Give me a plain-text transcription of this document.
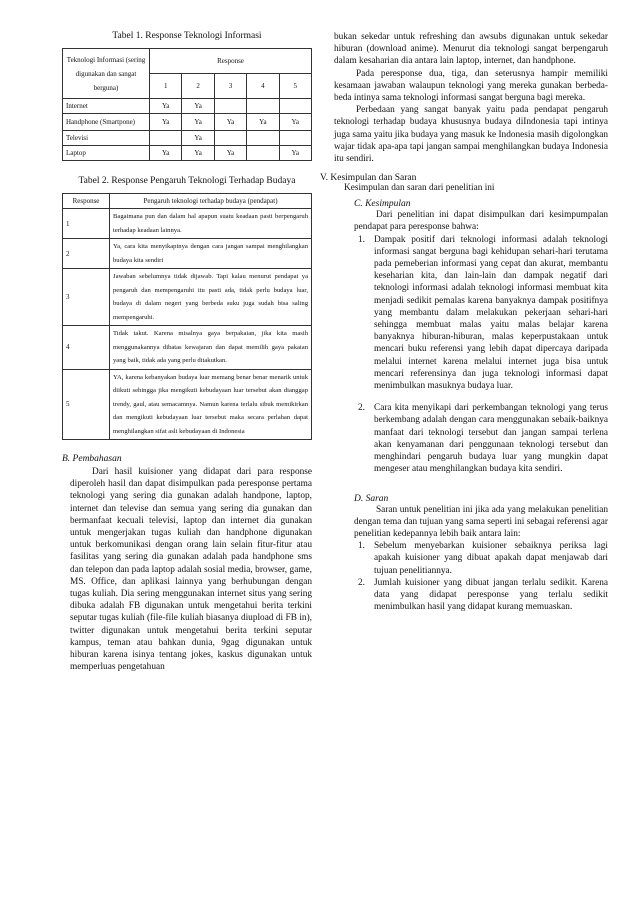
Tabel 1. Response Teknologi Informasi
Teknologi Informasi (sering digunakan dan sangat berguna)	Response				
	1	2	3	4	5
Internet	Ya	Ya			
Handphone (Smartpone)	Ya	Ya	Ya	Ya	Ya
Televisi		Ya			
Laptop	Ya	Ya	Ya		Ya
Tabel 2. Response Pengaruh Teknologi Terhadap Budaya
Response	Pengaruh teknologi terhadap budaya (pendapat)
1	Bagaimana pun dan dalam hal apapun suatu keadaan pasti berpengaruh terhadap keadaan lainnya.
2	Ya, cara kita menyikapinya dengan cara jangan sampai menghilangkan budaya kita sendiri
3	Jawaban sebelumnya tidak dijawab. Tapi kalau menurut pendapat ya pengaruh dan mempengaruhi itu pasti ada, tidak perlu budaya luar, budaya di dalam negeri yang berbeda suku juga sudah bisa saling mempengaruhi.
4	Tidak takut. Karena misalnya gaya berpakaian, jika kita masih menggunakannya dibatas kewajaran dan dapat memilih gaya pakaian yang baik, tidak ada yang perlu ditakutkan.
5	YA, karena kebanyakan budaya luar memang benar benar menarik untuk diikuti sehingga jika mengikuti kebudayaan luar tersebut akan dianggap trendy, gaul, atau semacamnya. Namun karena terlalu sibuk memikirkan dan mengikuti kebudayaan luar tersebut maka secara perlahan dapat menghilangkan sifat asli kebudayaan di Indonesia
B. Pembahasan

Dari hasil kuisioner yang didapat dari para response diperoleh hasil dan dapat disimpulkan pada peresponse pertama teknologi yang sering dia gunakan adalah handpone, laptop, internet dan televise dan semua yang sering dia gunakan dan bermanfaat kecuali televisi, laptop dan internet dia gunakan untuk mengerjakan tugas kuliah dan handphone digunakan untuk berkomunikasi dengan orang lain selain fitur-fitur atau fasilitas yang sering dia gunakan adalah pada handphone sms dan telepon dan pada laptop adalah sosial media, browser, game, MS. Office, dan aplikasi lainnya yang berhubungan dengan tugas kuliah. Dia sering menggunakan internet situs yang sering dibuka adalah FB digunakan untuk mengetahui berita terkini seputar tugas kuliah (file-file kuliah biasanya diupload di FB in), twitter digunakan untuk mengetahui berita terkini seputar kampus, teman atau bahkan dunia, 9gag digunakan untuk hiburan karena isinya tentang jokes, kaskus digunakan untuk memperluas pengetahuan

bukan sekedar untuk refreshing dan awsubs digunakan untuk sekedar hiburan (download anime). Menurut dia teknologi sangat berpengaruh dalam kesaharian dia antara lain laptop, internet, dan handphone.

Pada peresponse dua, tiga, dan seterusnya hampir memiliki kesamaan jawaban walaupun teknologi yang mereka gunakan berbeda-beda intinya sama teknologi informasi sangat berguna bagi mereka.

Perbedaan yang sangat banyak yaitu pada pendapat pengaruh teknologi terhadap budaya khususnya budaya diIndonesia tapi intinya juga sama yaitu jika budaya yang masuk ke Indonesia masih digolongkan wajar tidak apa-apa tapi jangan sampai menghilangkan budaya Indonesia itu sendiri.

V. Kesimpulan dan Saran
Kesimpulan dan saran dari penelitian ini
C. Kesimpulan

Dari penelitian ini dapat disimpulkan dari kesimpumpalan pendapat para peresponse bahwa:

1. Dampak positif dari teknologi informasi adalah teknologi informasi sangat berguna bagi kehidupan sehari-hari terutama pada pemeberian informasi yang cepat dan akurat, membantu keseharian kita, dan lain-lain dan dampak negatif dari teknologi informasi adalah teknologi informasi membuat kita menjadi sedikit pemalas karena banyaknya dampak positifnya yang membantu dalam melakukan pekerjaan sehari-hari sehingga membuat malas yaitu malas belajar karena banyaknya hiburan-hiburan, malas keperpustakaan untuk mencari buku referensi yang lebih dapat dipercaya daripada melalui internet karena melalui internet juga bisa untuk mencari referensinya dan juga teknologi informasi dapat menimbulkan masuknya budaya luar.
2. Cara kita menyikapi dari perkembangan teknologi yang terus berkembang adalah dengan cara menggunakan sebaik-baiknya manfaat dari teknologi tersebut dan jangan sampai terlena akan kenyamanan dari penggunaan teknologi tersebut dan menghindari pengaruh budaya luar yang mungkin dapat mengeser atau menghilangkan budaya kita sendiri.
D. Saran

Saran untuk penelitian ini jika ada yang melakukan penelitian dengan tema dan tujuan yang sama seperti ini sebagai referensi agar penelitian kedepannya lebih baik antara lain:

1. Sebelum menyebarkan kuisioner sebaiknya periksa lagi apakah kuisioner yang dibuat apakah dapat menjawab dari tujuan penelitiannya.
2. Jumlah kuisioner yang dibuat jangan terlalu sedikit. Karena data yang didapat peresponse yang terlalu sedikit menimbulkan hasil yang didapat kurang memuaskan.
